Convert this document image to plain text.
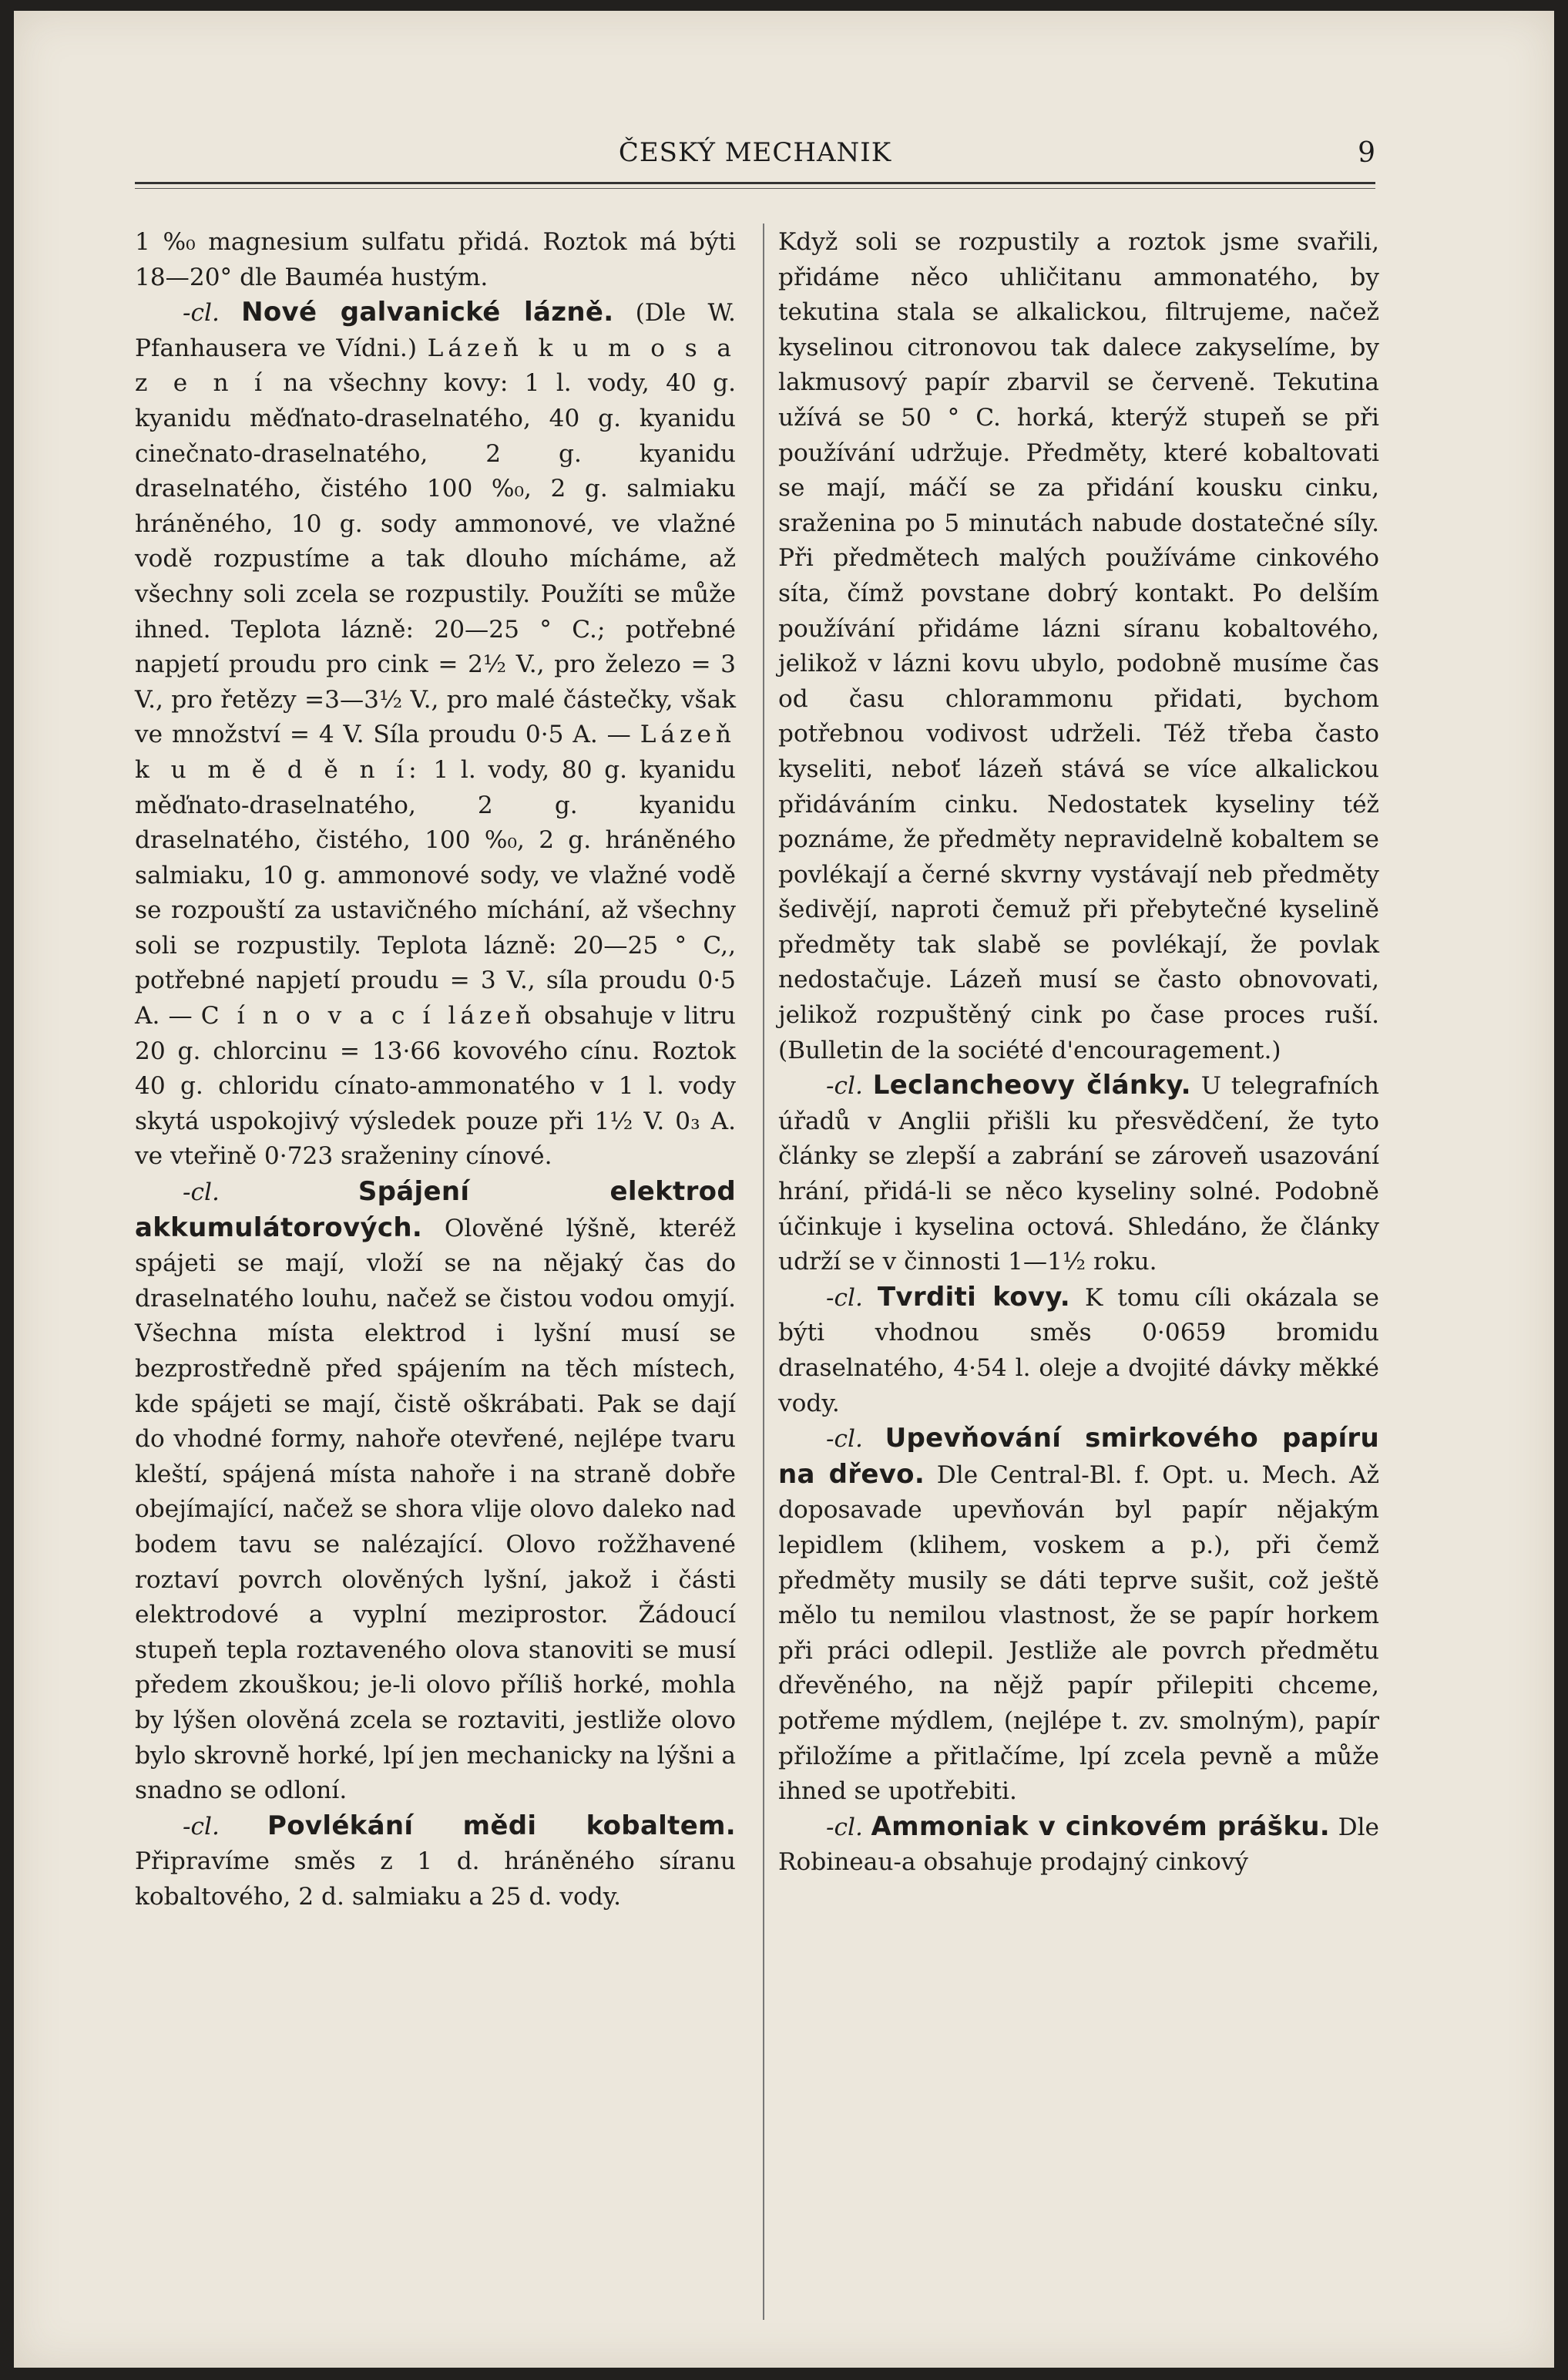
ČESKÝ MECHANIK	9

1 %₀ magnesium sulfatu přidá. Roztok má býti 18—20° dle Bauméa hustým.

-cl. Nové galvanické lázně. (Dle W. Pfanhausera ve Vídni.) Lázeň k u m o s a z e n í na všechny kovy: 1 l. vody, 40 g. kyanidu měďnato-draselnatého, 40 g. kyanidu cinečnato-draselnatého, 2 g. kyanidu draselnatého, čistého 100 %₀, 2 g. salmiaku hráněného, 10 g. sody ammonové, ve vlažné vodě rozpustíme a tak dlouho mícháme, až všechny soli zcela se rozpustily. Použíti se může ihned. Teplota lázně: 20—25 ° C.; potřebné napjetí proudu pro cink = 2½ V., pro železo = 3 V., pro řetězy =3—3½ V., pro malé částečky, však ve množství = 4 V. Síla proudu 0·5 A. — Lázeň k u m ě d ě n í: 1 l. vody, 80 g. kyanidu měďnato-draselnatého, 2 g. kyanidu draselnatého, čistého, 100 %₀, 2 g. hráněného salmiaku, 10 g. ammonové sody, ve vlažné vodě se rozpouští za ustavičného míchání, až všechny soli se rozpustily. Teplota lázně: 20—25 ° C,, potřebné napjetí proudu = 3 V., síla proudu 0·5 A. — C í n o v a c í lázeň obsahuje v litru 20 g. chlorcinu = 13·66 kovového cínu. Roztok 40 g. chloridu cínato-ammonatého v 1 l. vody skytá uspokojivý výsledek pouze při 1½ V. 0₃ A. ve vteřině 0·723 sraženiny cínové.

-cl.	Spájení elektrod akkumulátorových. Olověné lýšně, kteréž spájeti se mají, vloží se na nějaký čas do draselnatého louhu, načež se čistou vodou omyjí. Všechna místa elektrod i lyšní musí se bezprostředně před spájením na těch místech, kde spájeti se mají, čistě oškrábati. Pak se dají do vhodné formy, nahoře otevřené, nejlépe tvaru kleští, spájená místa nahoře i na straně dobře obejímající, načež se shora vlije olovo daleko nad bodem tavu se nalézající. Olovo rožžhavené roztaví povrch olověných lyšní, jakož i části elektrodové a vyplní meziprostor. Žádoucí stupeň tepla roztaveného olova stanoviti se musí předem zkouškou; je-li olovo příliš horké, mohla by lýšen olověná zcela se roztaviti, jestliže olovo bylo skrovně horké, lpí jen mechanicky na lýšni a snadno se odloní.

-cl. Povlékání mědi kobaltem. Připravíme směs z 1 d. hráněného síranu kobaltového, 2 d. salmiaku a 25 d. vody.

Když soli se rozpustily a roztok jsme svařili, přidáme něco uhličitanu ammonatého, by tekutina stala se alkalickou, filtrujeme, načež kyselinou citronovou tak dalece zakyselíme, by lakmusový papír zbarvil se červeně. Tekutina užívá se 50 ° C. horká, kterýž stupeň se při používání udržuje. Předměty, které kobaltovati se mají, máčí se za přidání kousku cinku, sraženina po 5 minutách nabude dostatečné síly. Při předmětech malých používáme cinkového síta, čímž povstane dobrý kontakt. Po delším používání přidáme lázni síranu kobaltového, jelikož v lázni kovu ubylo, podobně musíme čas od času chlorammonu přidati, bychom potřebnou vodivost udrželi. Též třeba často kyseliti, neboť lázeň stává se více alkalickou přidáváním cinku. Nedostatek kyseliny též poznáme, že předměty nepravidelně kobaltem se povlékají a černé skvrny vystávají neb předměty šedivějí, naproti čemuž při přebytečné kyselině předměty tak slabě se povlékají, že povlak nedostačuje. Lázeň musí se často obnovovati, jelikož rozpuštěný cink po čase proces ruší. (Bulletin de la société d'encouragement.)

-cl. Leclancheovy články. U telegrafních úřadů v Anglii přišli ku přesvědčení, že tyto články se zlepší a zabrání se zároveň usazování hrání, přidá-li se něco kyseliny solné. Podobně účinkuje i kyselina octová. Shledáno, že články udrží se v činnosti 1—1½ roku.

-cl. Tvrditi kovy. K tomu cíli okázala se býti vhodnou směs 0·0659 bromidu draselnatého, 4·54 l. oleje a dvojité dávky měkké vody.

-cl. Upevňování smirkového papíru na dřevo. Dle Central-Bl. f. Opt. u. Mech. Až doposavade upevňován byl papír nějakým lepidlem (klihem, voskem a p.), při čemž předměty musily se dáti teprve sušit, což ještě mělo tu nemilou vlastnost, že se papír horkem při práci odlepil. Jestliže ale povrch předmětu dřevěného, na nějž papír přilepiti chceme, potřeme mýdlem, (nejlépe t. zv. smolným), papír přiložíme a přitlačíme, lpí zcela pevně a může ihned se upotřebiti.

-cl. Ammoniak v cinkovém prášku. Dle Robineau-a obsahuje prodajný cinkový
